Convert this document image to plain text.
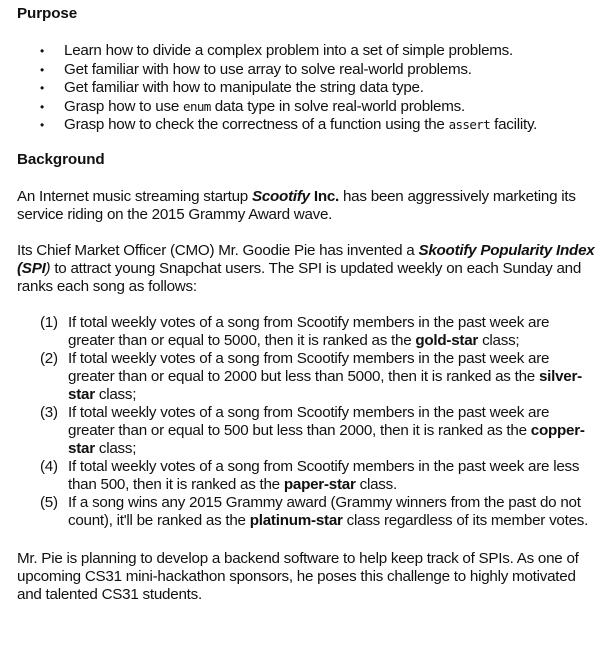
Purpose
• Learn how to divide a complex problem into a set of simple problems.
• Get familiar with how to use array to solve real-world problems.
• Get familiar with how to manipulate the string data type.
• Grasp how to use enum data type in solve real-world problems.
• Grasp how to check the correctness of a function using the assert facility.
Background

An Internet music streaming startup Scootify Inc. has been aggressively marketing its service riding on the 2015 Grammy Award wave.

Its Chief Market Officer (CMO) Mr. Goodie Pie has invented a Skootify Popularity Index (SPI) to attract young Snapchat users. The SPI is updated weekly on each Sunday and ranks each song as follows:

(1) If total weekly votes of a song from Scootify members in the past week are greater than or equal to 5000, then it is ranked as the gold-star class;
(2) If total weekly votes of a song from Scootify members in the past week are greater than or equal to 2000 but less than 5000, then it is ranked as the silver-star class;
(3) If total weekly votes of a song from Scootify members in the past week are greater than or equal to 500 but less than 2000, then it is ranked as the copper-star class;
(4) If total weekly votes of a song from Scootify members in the past week are less than 500, then it is ranked as the paper-star class.
(5) If a song wins any 2015 Grammy award (Grammy winners from the past do not count), it'll be ranked as the platinum-star class regardless of its member votes.

Mr. Pie is planning to develop a backend software to help keep track of SPIs. As one of upcoming CS31 mini-hackathon sponsors, he poses this challenge to highly motivated and talented CS31 students.
